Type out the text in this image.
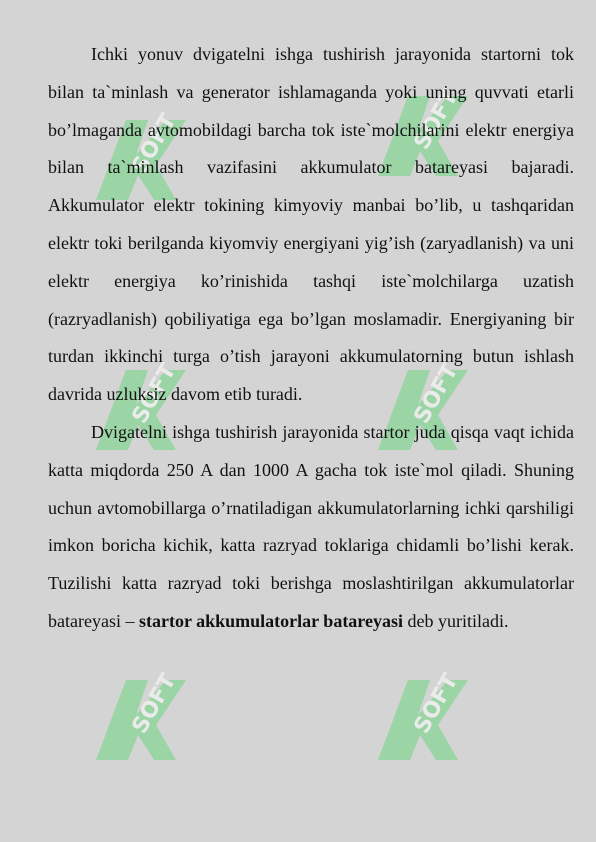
SOFT	SOFT
SOFT	SOFT
SOFT	SOFT

Ichki yonuv dvigatelni ishga tushirish jarayonida startorni tok bilan ta`minlash va generator ishlamaganda yoki uning quvvati etarli bo’lmaganda avtomobildagi barcha tok iste`molchilarini elektr energiya bilan ta`minlash vazifasini akkumulator batareyasi bajaradi. Akkumulator elektr tokining kimyoviy manbai bo’lib, u tashqaridan elektr toki berilganda kiyomviy energiyani yig’ish (zaryadlanish) va uni elektr energiya ko’rinishida tashqi iste`molchilarga uzatish (razryadlanish) qobiliyatiga ega bo’lgan moslamadir. Energiyaning bir turdan ikkinchi turga o’tish jarayoni akkumulatorning butun ishlash davrida uzluksiz davom etib turadi.

Dvigatelni ishga tushirish jarayonida startor juda qisqa vaqt ichida katta miqdorda 250 A dan 1000 A gacha tok iste`mol qiladi. Shuning uchun avtomobillarga o’rnatiladigan akkumulatorlarning ichki qarshiligi imkon boricha kichik, katta razryad toklariga chidamli bo’lishi kerak. Tuzilishi katta razryad toki berishga moslashtirilgan akkumulatorlar batareyasi – startor akkumulatorlar batareyasi deb yuritiladi.
